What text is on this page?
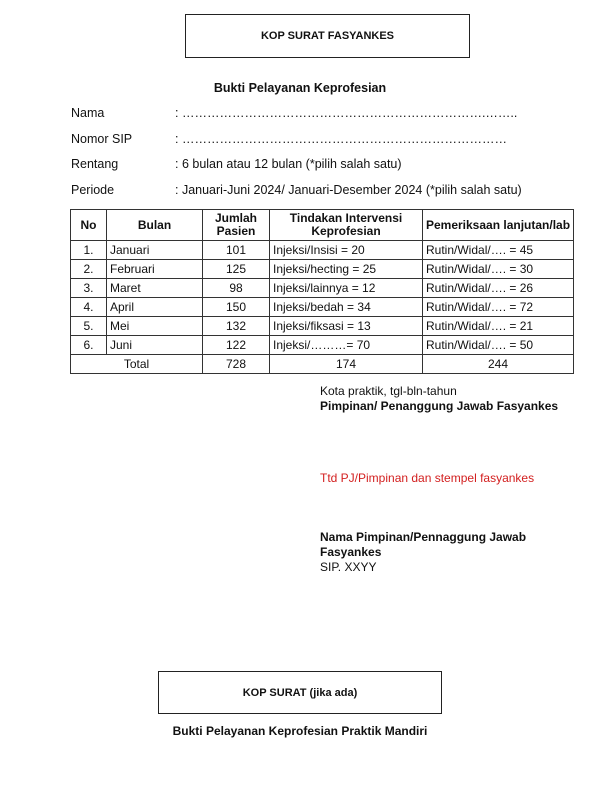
KOP SURAT FASYANKES
Bukti Pelayanan Keprofesian
Nama	: ……………………………………………………………….……..
Nomor SIP	: ……………………………………………………………………
Rentang	: 6 bulan atau 12 bulan (*pilih salah satu)
Periode	: Januari-Juni 2024/ Januari-Desember 2024 (*pilih salah satu)
No	Bulan	Jumlah Pasien	Tindakan Intervensi Keprofesian	Pemeriksaan lanjutan/lab
1.	Januari	101	Injeksi/Insisi = 20	Rutin/Widal/…. = 45
2.	Februari	125	Injeksi/hecting = 25	Rutin/Widal/…. = 30
3.	Maret	98	Injeksi/lainnya = 12	Rutin/Widal/…. = 26
4.	April	150	Injeksi/bedah = 34	Rutin/Widal/…. = 72
5.	Mei	132	Injeksi/fiksasi = 13	Rutin/Widal/…. = 21
6.	Juni	122	Injeksi/………= 70	Rutin/Widal/…. = 50
Total		728	174	244
Kota praktik, tgl-bln-tahun
Pimpinan/ Penanggung Jawab Fasyankes
Ttd PJ/Pimpinan dan stempel fasyankes
Nama Pimpinan/Pennaggung Jawab Fasyankes
SIP. XXYY
KOP SURAT (jika ada)
Bukti Pelayanan Keprofesian Praktik Mandiri
